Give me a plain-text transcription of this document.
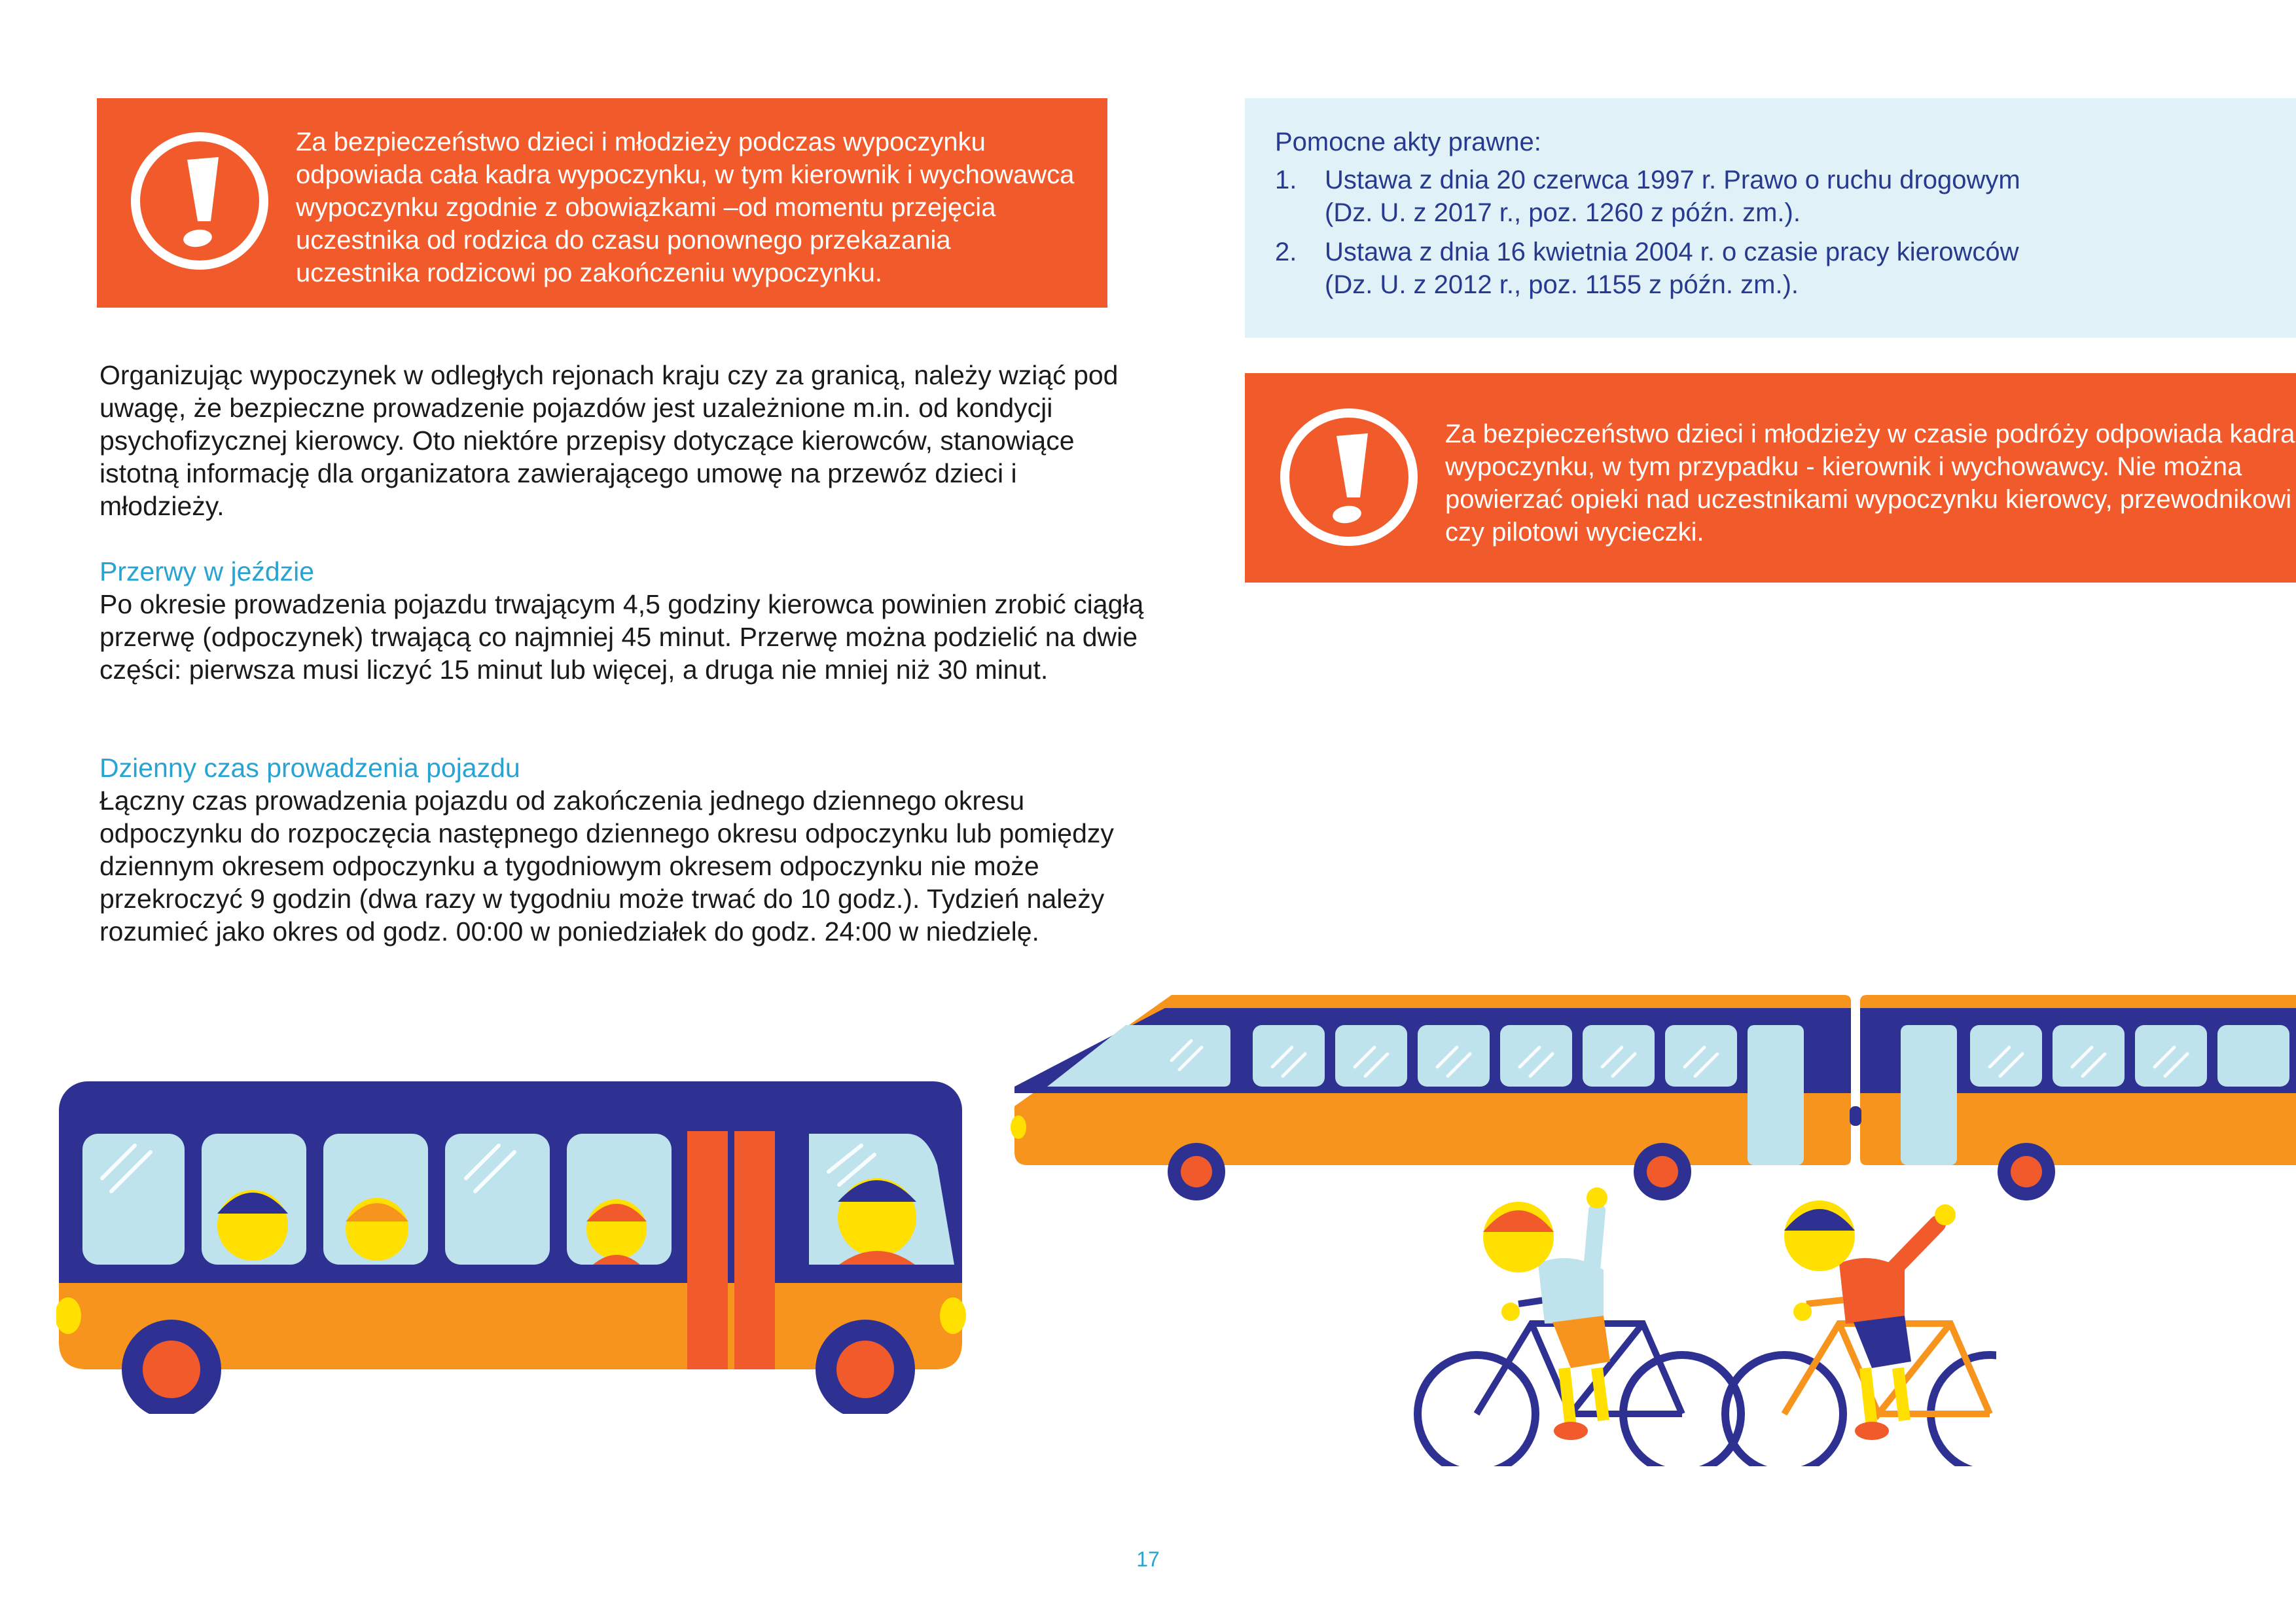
Za bezpieczeństwo dzieci i młodzieży podczas wypoczynku odpowiada cała kadra wypoczynku, w tym kierownik i wychowawca wypoczynku zgodnie z obowiązkami –od momentu przejęcia uczestnika od rodzica do czasu ponownego przekazania uczestnika rodzicowi po zakończeniu wypoczynku.
Pomocne akty prawne:
1. Ustawa z dnia 20 czerwca 1997 r. Prawo o ruchu drogowym
(Dz. U. z 2017 r., poz. 1260 z późn. zm.).
2. Ustawa z dnia 16 kwietnia 2004 r. o czasie pracy kierowców
(Dz. U. z 2012 r., poz. 1155 z późn. zm.).
Za bezpieczeństwo dzieci i młodzieży w czasie podróży odpowiada kadra wypoczynku, w tym przypadku - kierownik i wychowawcy. Nie można powierzać opieki nad uczestnikami wypoczynku kierowcy, przewodnikowi czy pilotowi wycieczki.
Organizując wypoczynek w odległych rejonach kraju czy za granicą, należy wziąć pod uwagę, że bezpieczne prowadzenie pojazdów jest uzależnione m.in. od kondycji psychofizycznej kierowcy. Oto niektóre przepisy dotyczące kierowców, stanowiące istotną informację dla organizatora zawierającego umowę na przewóz dzieci i młodzieży.
Przerwy w jeździe
Po okresie prowadzenia pojazdu trwającym 4,5 godziny kierowca powinien zrobić ciągłą przerwę (odpoczynek) trwającą co najmniej 45 minut. Przerwę można podzielić na dwie części: pierwsza musi liczyć 15 minut lub więcej, a druga nie mniej niż 30 minut.
Dzienny czas prowadzenia pojazdu
Łączny czas prowadzenia pojazdu od zakończenia jednego dziennego okresu odpoczynku do rozpoczęcia następnego dziennego okresu odpoczynku lub pomiędzy dziennym okresem odpoczynku a tygodniowym okresem odpoczynku nie może przekroczyć 9 godzin (dwa razy w tygodniu może trwać do 10 godz.). Tydzień należy rozumieć jako okres od godz. 00:00 w poniedziałek do godz. 24:00 w niedzielę.
17
